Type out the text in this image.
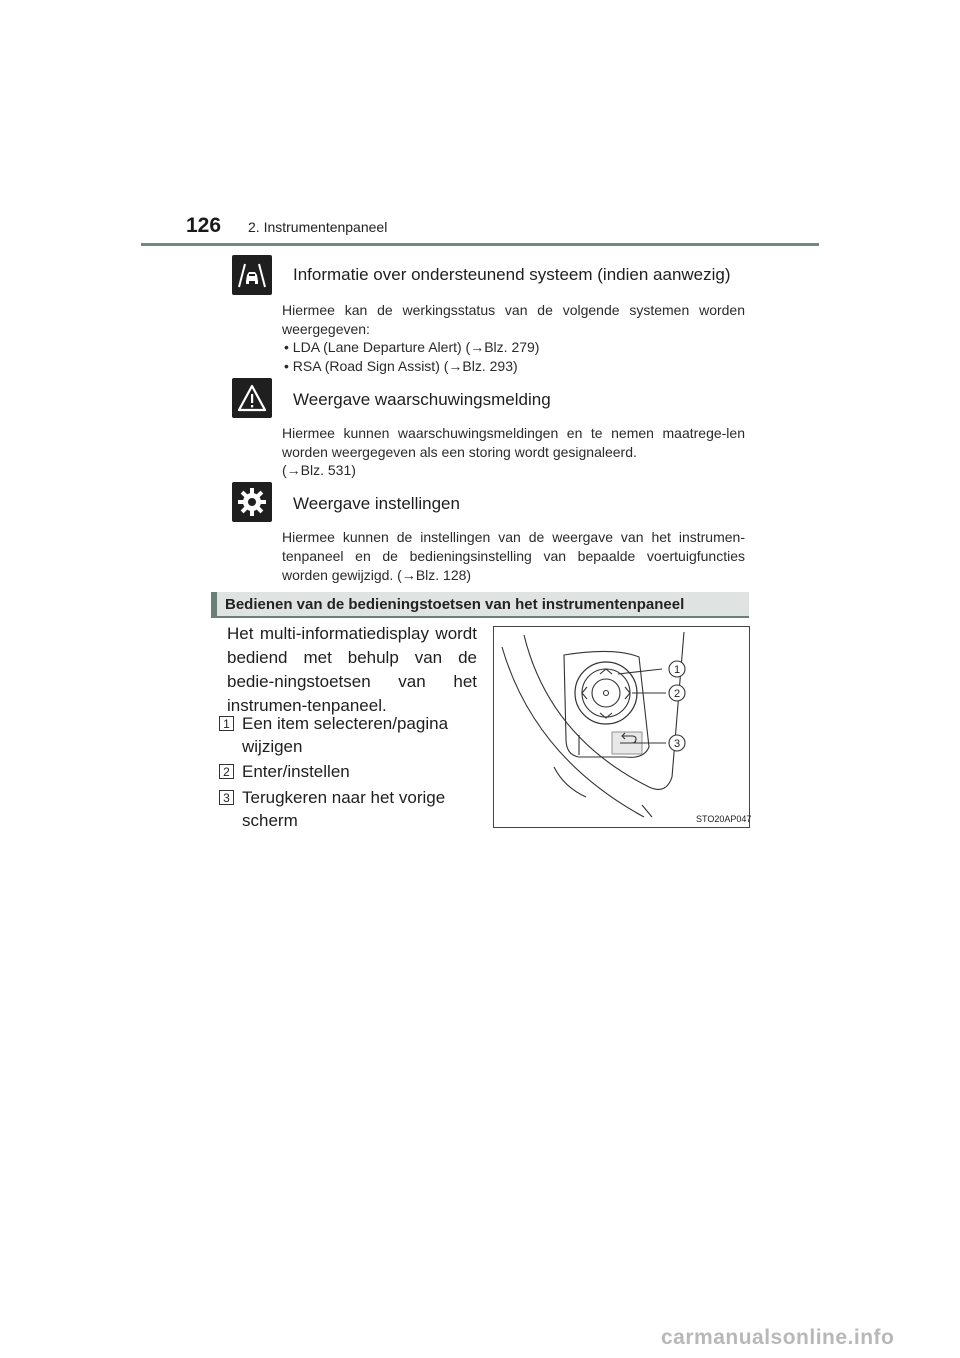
126 2. Instrumentenpaneel
Informatie over ondersteunend systeem (indien aanwezig)
Hiermee kan de werkingsstatus van de volgende systemen worden weergegeven:
• LDA (Lane Departure Alert) (→Blz. 279)
• RSA (Road Sign Assist) (→Blz. 293)
Weergave waarschuwingsmelding
Hiermee kunnen waarschuwingsmeldingen en te nemen maatrege-len worden weergegeven als een storing wordt gesignaleerd.
(→Blz. 531)
Weergave instellingen
Hiermee kunnen de instellingen van de weergave van het instrumen-tenpaneel en de bedieningsinstelling van bepaalde voertuigfuncties worden gewijzigd. (→Blz. 128)
Bedienen van de bedieningstoetsen van het instrumentenpaneel
Het multi-informatiedisplay wordt bediend met behulp van de bedie-ningstoetsen van het instrumen-tenpaneel.
1 Een item selecteren/pagina wijzigen
2 Enter/instellen
3 Terugkeren naar het vorige scherm
1
2
3
STO20AP047
carmanualsonline.info
